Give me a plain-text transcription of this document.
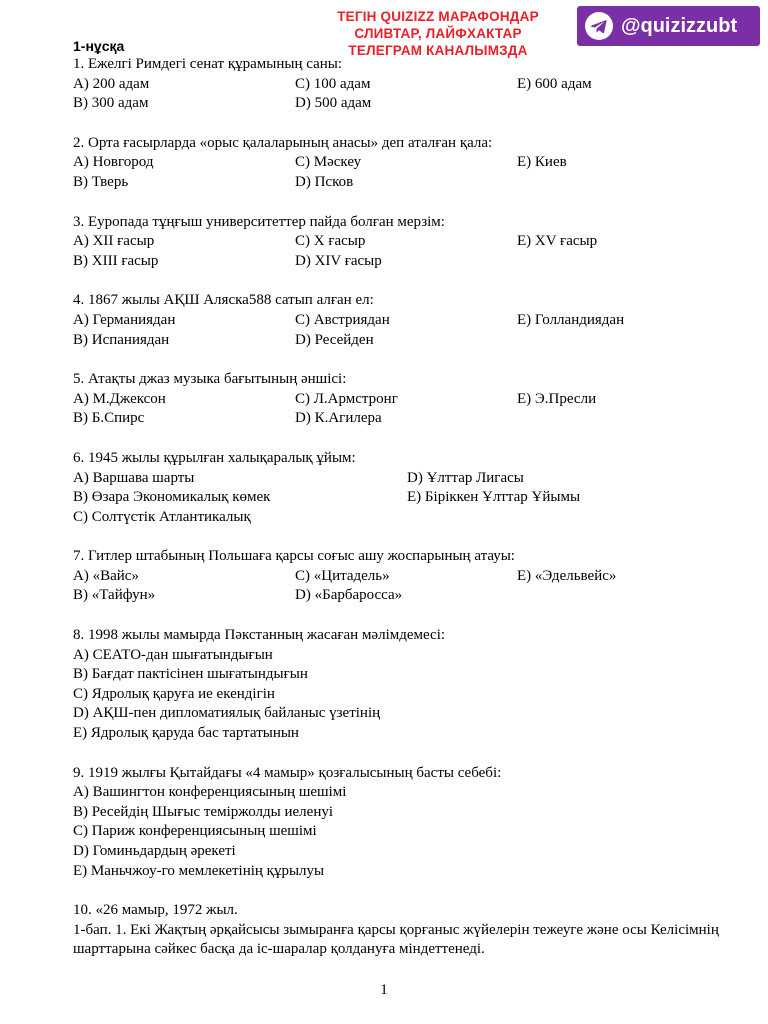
ТЕГІН QUIZIZZ МАРАФОНДАР
СЛИВТАР, ЛАЙФХАКТАР
ТЕЛЕГРАМ КАНАЛЫМЗДА
@quizizzubt
1-нұсқа
1. Ежелгі Римдегі сенат құрамының саны:
A) 200 адам	C) 100 адам	E) 600 адам
B) 300 адам	D) 500 адам
2. Орта ғасырларда «орыс қалаларының анасы» деп аталған қала:
A) Новгород	C) Мәскеу	E) Киев
B) Тверь	D) Псков
3. Еуропада тұңғыш университеттер пайда болған мерзім:
A) XII ғасыр	C) X ғасыр	E) XV ғасыр
B) XIII ғасыр	D) XIV ғасыр
4. 1867 жылы АҚШ Аляска588 сатып алған ел:
A) Германиядан	C) Австриядан	E) Голландиядан
B) Испаниядан	D) Ресейден
5. Атақты джаз музыка бағытының әншісі:
A) М.Джексон	C) Л.Армстронг	E) Э.Пресли
B) Б.Спирс	D) К.Агилера
6. 1945 жылы құрылған халықаралық ұйым:
A) Варшава шарты	D) Ұлттар Лигасы
B) Өзара Экономикалық көмек	E) Біріккен Ұлттар Ұйымы
C) Солтүстік Атлантикалық
7. Гитлер штабының Польшаға қарсы соғыс ашу жоспарының атауы:
A) «Вайс»	C) «Цитадель»	E) «Эдельвейс»
B) «Тайфун»	D) «Барбаросса»
8. 1998 жылы мамырда Пәкстанның жасаған мәлімдемесі:
A) СЕАТО-дан шығатындығын
B) Бағдат пактісінен шығатындығын
C) Ядролық қаруға ие екендігін
D) АҚШ-пен дипломатиялық байланыс үзетінің
E) Ядролық қаруда бас тартатынын
9. 1919 жылғы Қытайдағы «4 мамыр» қозғалысының басты себебі:
A) Вашингтон конференциясының шешімі
B) Ресейдің Шығыс теміржолды иеленуі
C) Париж конференциясының шешімі
D) Гоминьдардың әрекеті
E) Маньчжоу-го мемлекетінің құрылуы
10. «26 мамыр, 1972 жыл.
1-бап. 1. Екі Жақтың әрқайсысы зымыранға қарсы қорғаныс жүйелерін тежеуге және осы Келісімнің шарттарына сәйкес басқа да іс-шаралар қолдануға міндеттенеді.
1
